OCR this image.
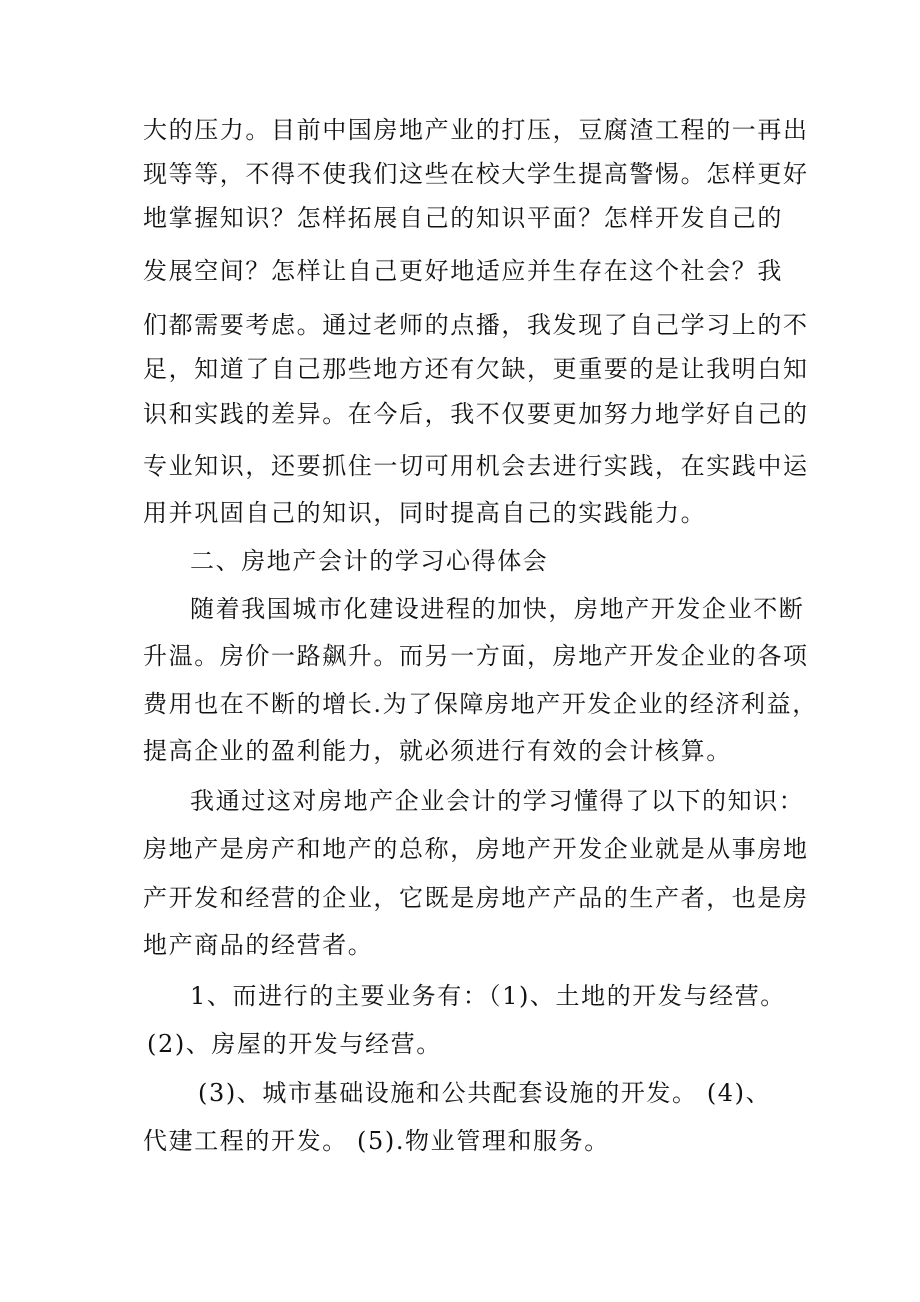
大的压力。目前中国房地产业的打压，豆腐渣工程的一再出
现等等，不得不使我们这些在校大学生提高警惕。怎样更好
地掌握知识？怎样拓展自己的知识平面？怎样开发自己的
发展空间？怎样让自己更好地适应并生存在这个社会？我
们都需要考虑。通过老师的点播，我发现了自己学习上的不
足，知道了自己那些地方还有欠缺，更重要的是让我明白知
识和实践的差异。在今后，我不仅要更加努力地学好自己的
专业知识，还要抓住一切可用机会去进行实践，在实践中运
用并巩固自己的知识，同时提高自己的实践能力。
二、房地产会计的学习心得体会
随着我国城市化建设进程的加快，房地产开发企业不断
升温。房价一路飙升。而另一方面，房地产开发企业的各项
费用也在不断的增长.为了保障房地产开发企业的经济利益，
提高企业的盈利能力，就必须进行有效的会计核算。
我通过这对房地产企业会计的学习懂得了以下的知识：
房地产是房产和地产的总称，房地产开发企业就是从事房地
产开发和经营的企业，它既是房地产产品的生产者，也是房
地产商品的经营者。
1、而进行的主要业务有：（1)、土地的开发与经营。
(2)、房屋的开发与经营。
(3)、城市基础设施和公共配套设施的开发。 (4)、
代建工程的开发。 (5).物业管理和服务。
